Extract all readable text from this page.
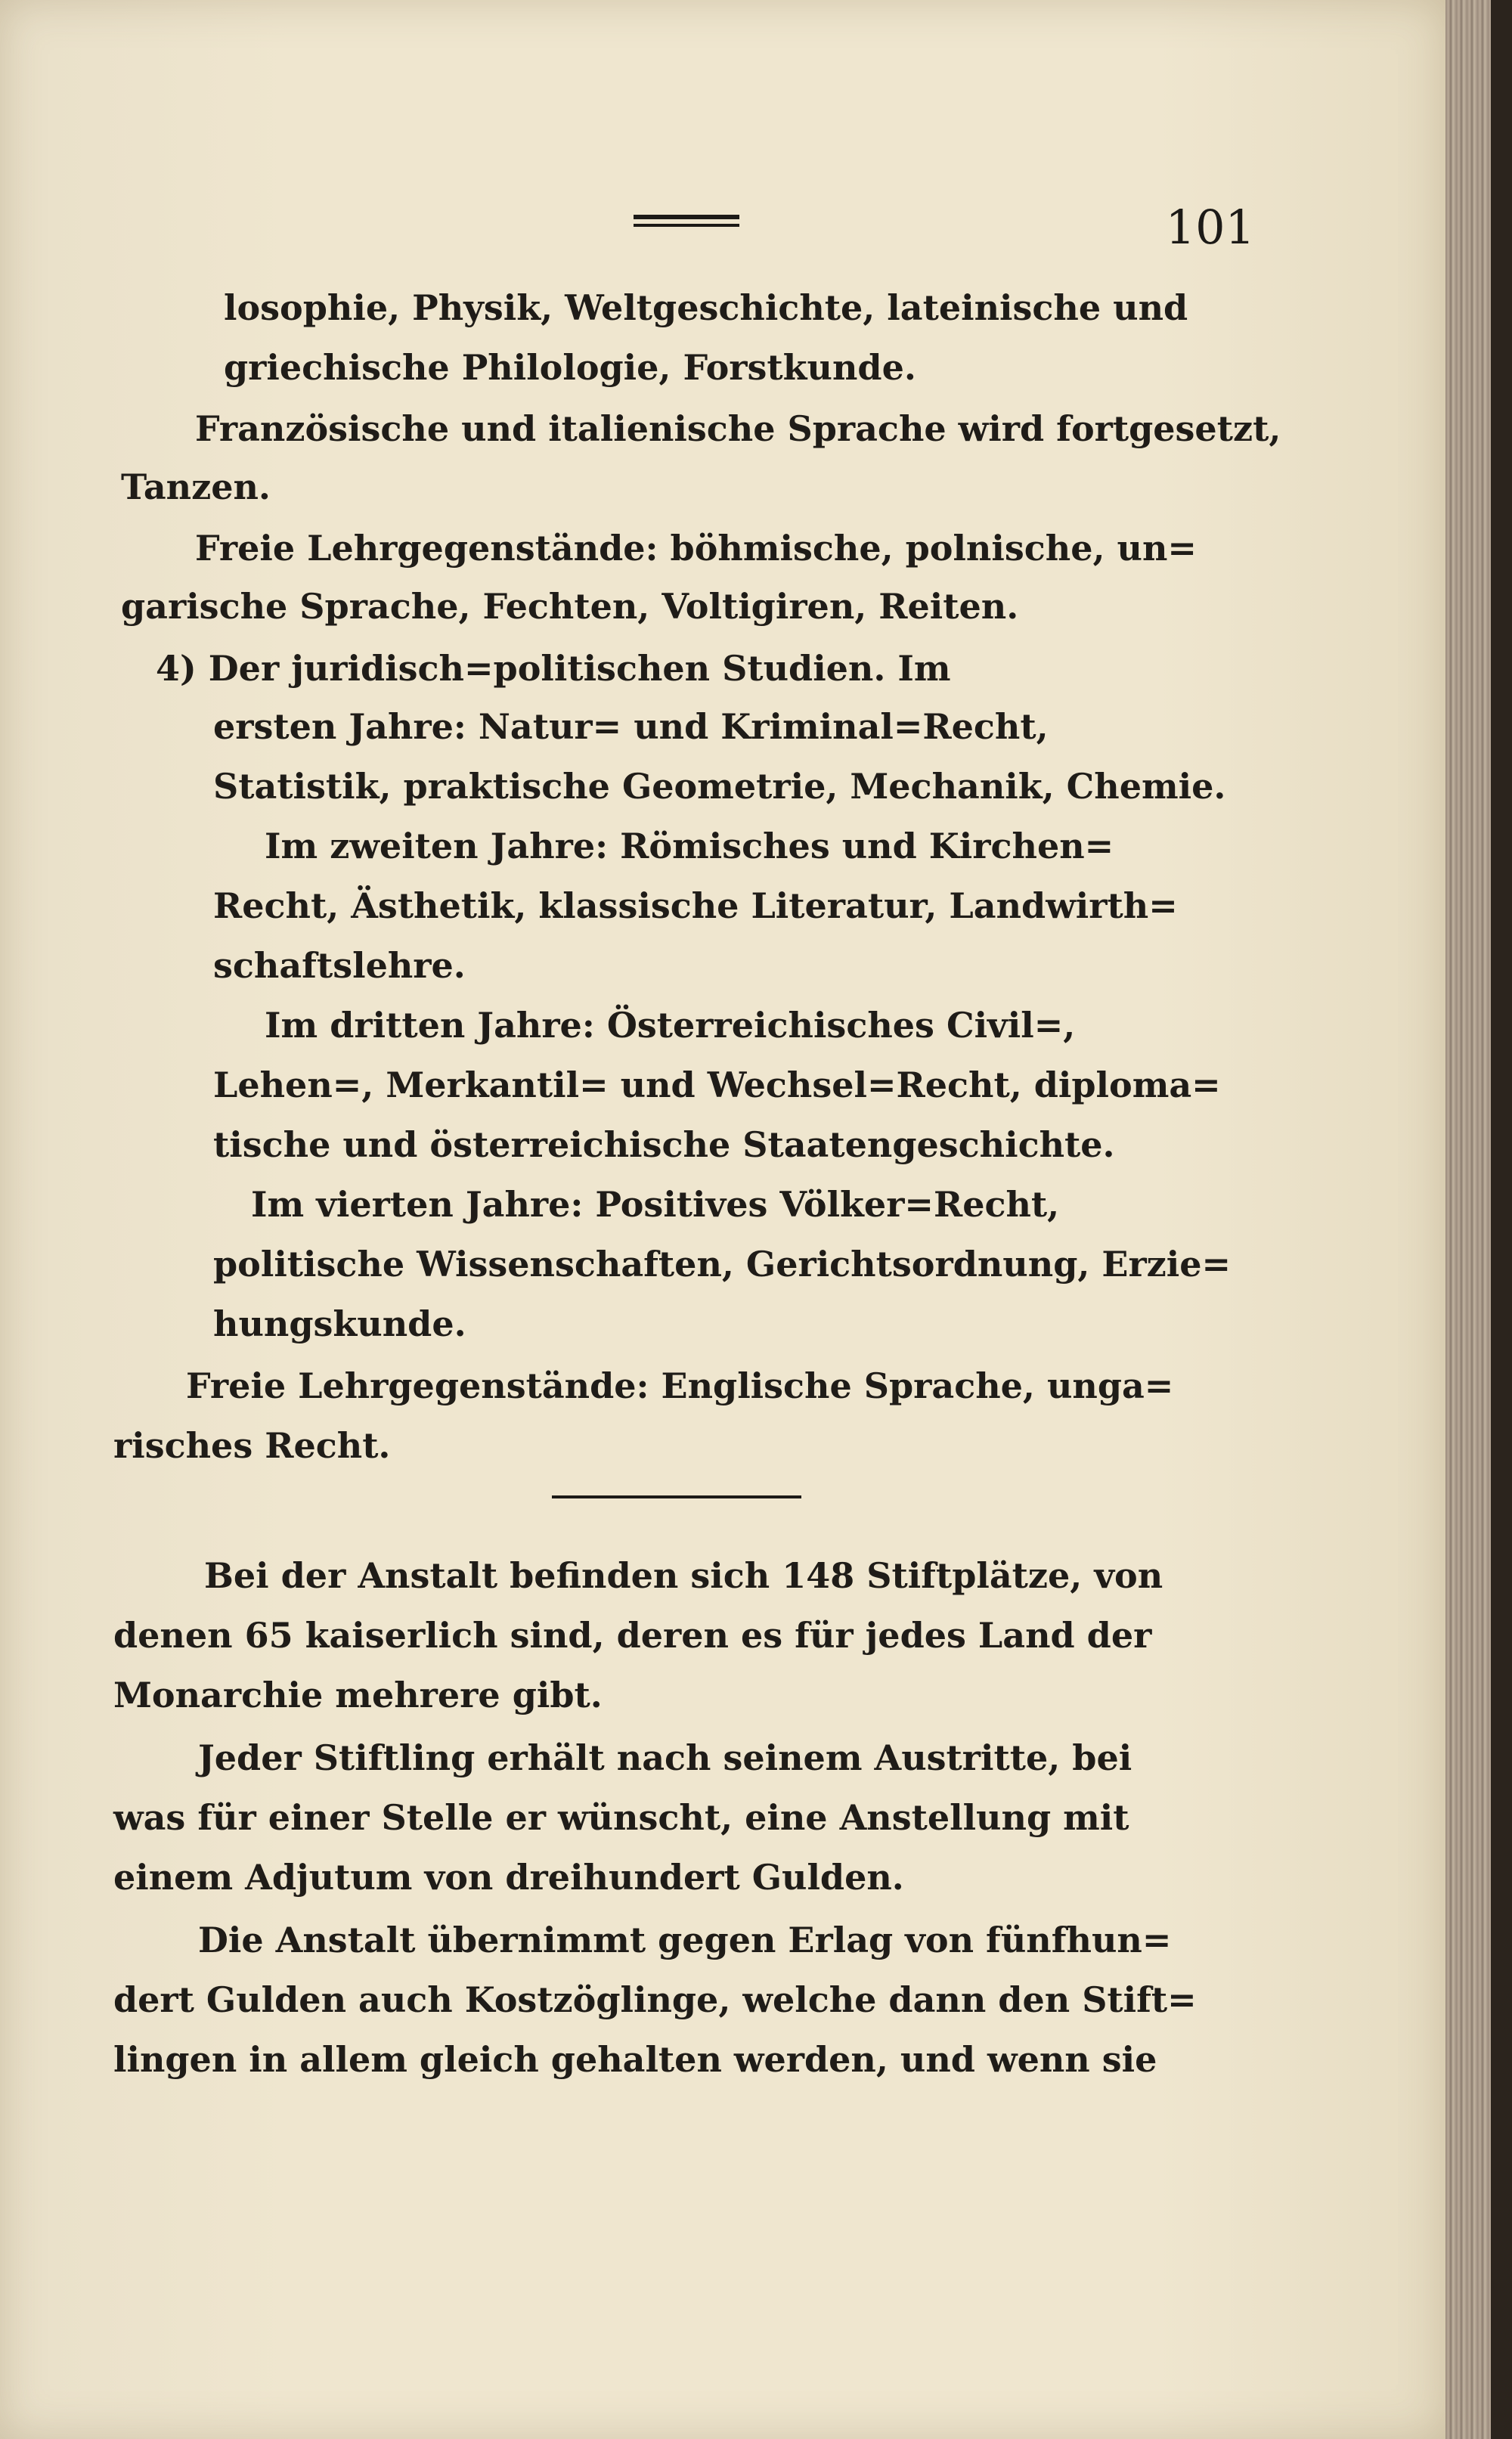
101
losophie, Physik, Weltgeschichte, lateinische und
griechische Philologie, Forstkunde.
Französische und italienische Sprache wird fortgesetzt,
Tanzen.
Freie Lehrgegenstände: böhmische, polnische, un=
garische Sprache, Fechten, Voltigiren, Reiten.
4) Der juridisch=politischen Studien. Im
ersten Jahre: Natur= und Kriminal=Recht,
Statistik, praktische Geometrie, Mechanik, Chemie.
Im zweiten Jahre: Römisches und Kirchen=
Recht, Ästhetik, klassische Literatur, Landwirth=
schaftslehre.
Im dritten Jahre: Österreichisches Civil=,
Lehen=, Merkantil= und Wechsel=Recht, diploma=
tische und österreichische Staatengeschichte.
Im vierten Jahre: Positives Völker=Recht,
politische Wissenschaften, Gerichtsordnung, Erzie=
hungskunde.
Freie Lehrgegenstände: Englische Sprache, unga=
risches Recht.
Bei der Anstalt befinden sich 148 Stiftplätze, von
denen 65 kaiserlich sind, deren es für jedes Land der
Monarchie mehrere gibt.
Jeder Stiftling erhält nach seinem Austritte, bei
was für einer Stelle er wünscht, eine Anstellung mit
einem Adjutum von dreihundert Gulden.
Die Anstalt übernimmt gegen Erlag von fünfhun=
dert Gulden auch Kostzöglinge, welche dann den Stift=
lingen in allem gleich gehalten werden, und wenn sie
